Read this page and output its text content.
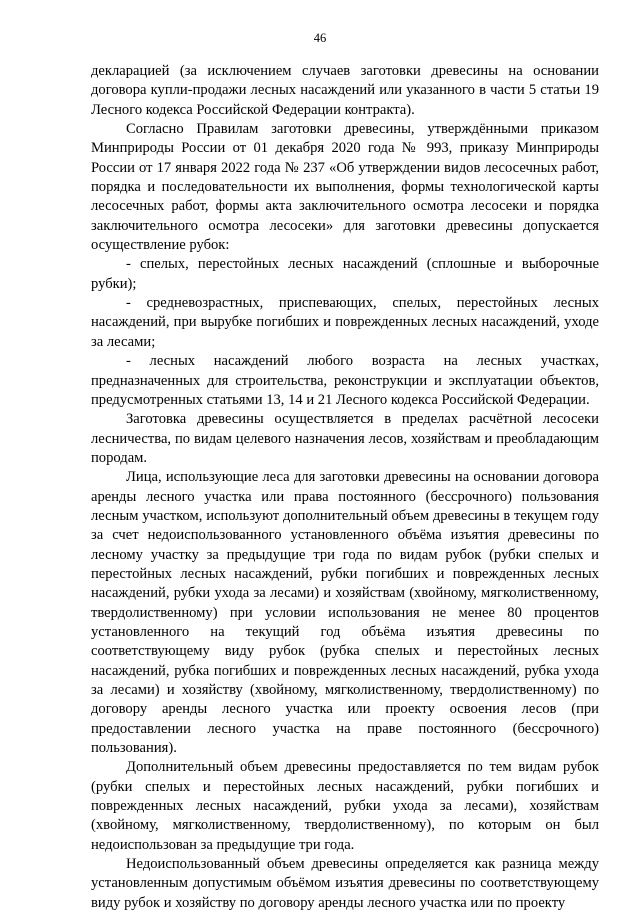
46

декларацией (за исключением случаев заготовки древесины на основании договора купли-продажи лесных насаждений или указанного в части 5 статьи 19 Лесного кодекса Российской Федерации контракта).

Согласно Правилам заготовки древесины, утверждёнными приказом Минприроды России от 01 декабря 2020 года № 993, приказу Минприроды России от 17 января 2022 года № 237 «Об утверждении видов лесосечных работ, порядка и последовательности их выполнения, формы технологической карты лесосечных работ, формы акта заключительного осмотра лесосеки и порядка заключительного осмотра лесосеки» для заготовки древесины допускается осуществление рубок:

- спелых, перестойных лесных насаждений (сплошные и выборочные рубки);

- средневозрастных, приспевающих, спелых, перестойных лесных насаждений, при вырубке погибших и поврежденных лесных насаждений, уходе за лесами;

- лесных насаждений любого возраста на лесных участках, предназначенных для строительства, реконструкции и эксплуатации объектов, предусмотренных статьями 13, 14 и 21 Лесного кодекса Российской Федерации.

Заготовка древесины осуществляется в пределах расчётной лесосеки лесничества, по видам целевого назначения лесов, хозяйствам и преобладающим породам.

Лица, использующие леса для заготовки древесины на основании договора аренды лесного участка или права постоянного (бессрочного) пользования лесным участком, используют дополнительный объем древесины в текущем году за счет недоиспользованного установленного объёма изъятия древесины по лесному участку за предыдущие три года по видам рубок (рубки спелых и перестойных лесных насаждений, рубки погибших и поврежденных лесных насаждений, рубки ухода за лесами) и хозяйствам (хвойному, мягколиственному, твердолиственному) при условии использования не менее 80 процентов установленного на текущий год объёма изъятия древесины по соответствующему виду рубок (рубка спелых и перестойных лесных насаждений, рубка погибших и поврежденных лесных насаждений, рубка ухода за лесами) и хозяйству (хвойному, мягколиственному, твердолиственному) по договору аренды лесного участка или проекту освоения лесов (при предоставлении лесного участка на праве постоянного (бессрочного) пользования).

Дополнительный объем древесины предоставляется по тем видам рубок (рубки спелых и перестойных лесных насаждений, рубки погибших и поврежденных лесных насаждений, рубки ухода за лесами), хозяйствам (хвойному, мягколиственному, твердолиственному), по которым он был недоиспользован за предыдущие три года.

Недоиспользованный объем древесины определяется как разница между установленным допустимым объёмом изъятия древесины по соответствующему виду рубок и хозяйству по договору аренды лесного участка или по проекту
